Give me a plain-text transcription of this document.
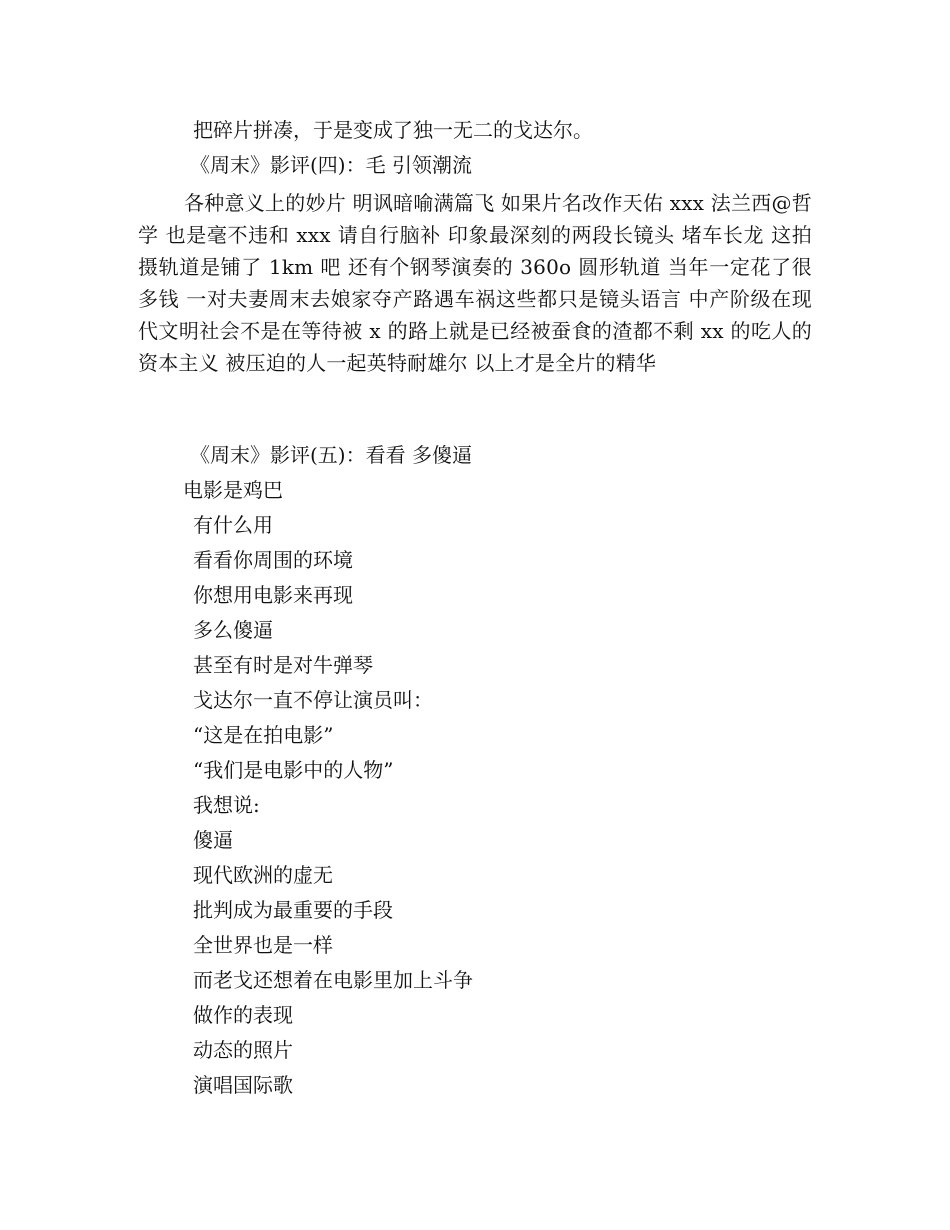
把碎片拼凑，于是变成了独一无二的戈达尔。
《周末》影评(四)：毛 引领潮流
各种意义上的妙片 明讽暗喻满篇飞 如果片名改作天佑 xxx 法兰西@哲学 也是毫不违和 xxx 请自行脑补 印象最深刻的两段长镜头 堵车长龙 这拍摄轨道是铺了 1km 吧 还有个钢琴演奏的 360o 圆形轨道 当年一定花了很多钱 一对夫妻周末去娘家夺产路遇车祸这些都只是镜头语言 中产阶级在现代文明社会不是在等待被 x 的路上就是已经被蚕食的渣都不剩 xx 的吃人的资本主义 被压迫的人一起英特耐雄尔 以上才是全片的精华
《周末》影评(五)：看看 多傻逼
电影是鸡巴
有什么用
看看你周围的环境
你想用电影来再现
多么傻逼
甚至有时是对牛弹琴
戈达尔一直不停让演员叫：
“这是在拍电影”
“我们是电影中的人物”
我想说:
傻逼
现代欧洲的虚无
批判成为最重要的手段
全世界也是一样
而老戈还想着在电影里加上斗争
做作的表现
动态的照片
演唱国际歌
